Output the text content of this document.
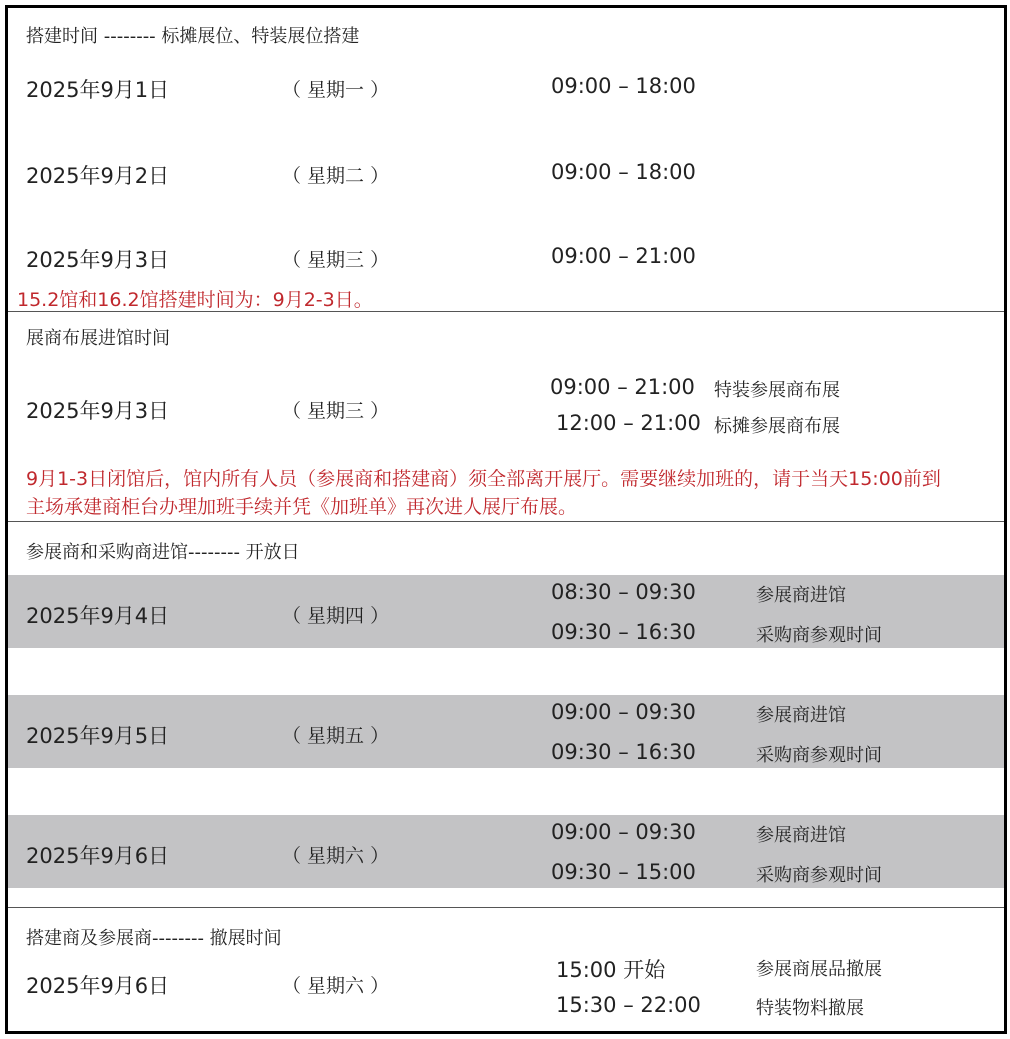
搭建时间 -------- 标摊展位、特装展位搭建
2025年9月1日	（ 星期一 ）	09:00 – 18:00
2025年9月2日	（ 星期二 ）	09:00 – 18:00
2025年9月3日	（ 星期三 ）	09:00 – 21:00
15.2馆和16.2馆搭建时间为：9月2-3日。
展商布展进馆时间
2025年9月3日	（ 星期三 ）
09:00 – 21:00 特装参展商布展
12:00 – 21:00 标摊参展商布展
9月1-3日闭馆后，馆内所有人员（参展商和搭建商）须全部离开展厅。需要继续加班的，请于当天15:00前到
主场承建商柜台办理加班手续并凭《加班单》再次进人展厅布展。
参展商和采购商进馆-------- 开放日
2025年9月4日	（ 星期四 ）
08:30 – 09:30	参展商进馆
09:30 – 16:30	采购商参观时间
2025年9月5日	（ 星期五 ）
09:00 – 09:30	参展商进馆
09:30 – 16:30	采购商参观时间
2025年9月6日	（ 星期六 ）
09:00 – 09:30	参展商进馆
09:30 – 15:00	采购商参观时间
搭建商及参展商-------- 撤展时间
2025年9月6日	（ 星期六 ）
15:00 开始	参展商展品撤展
15:30 – 22:00	特装物料撤展
